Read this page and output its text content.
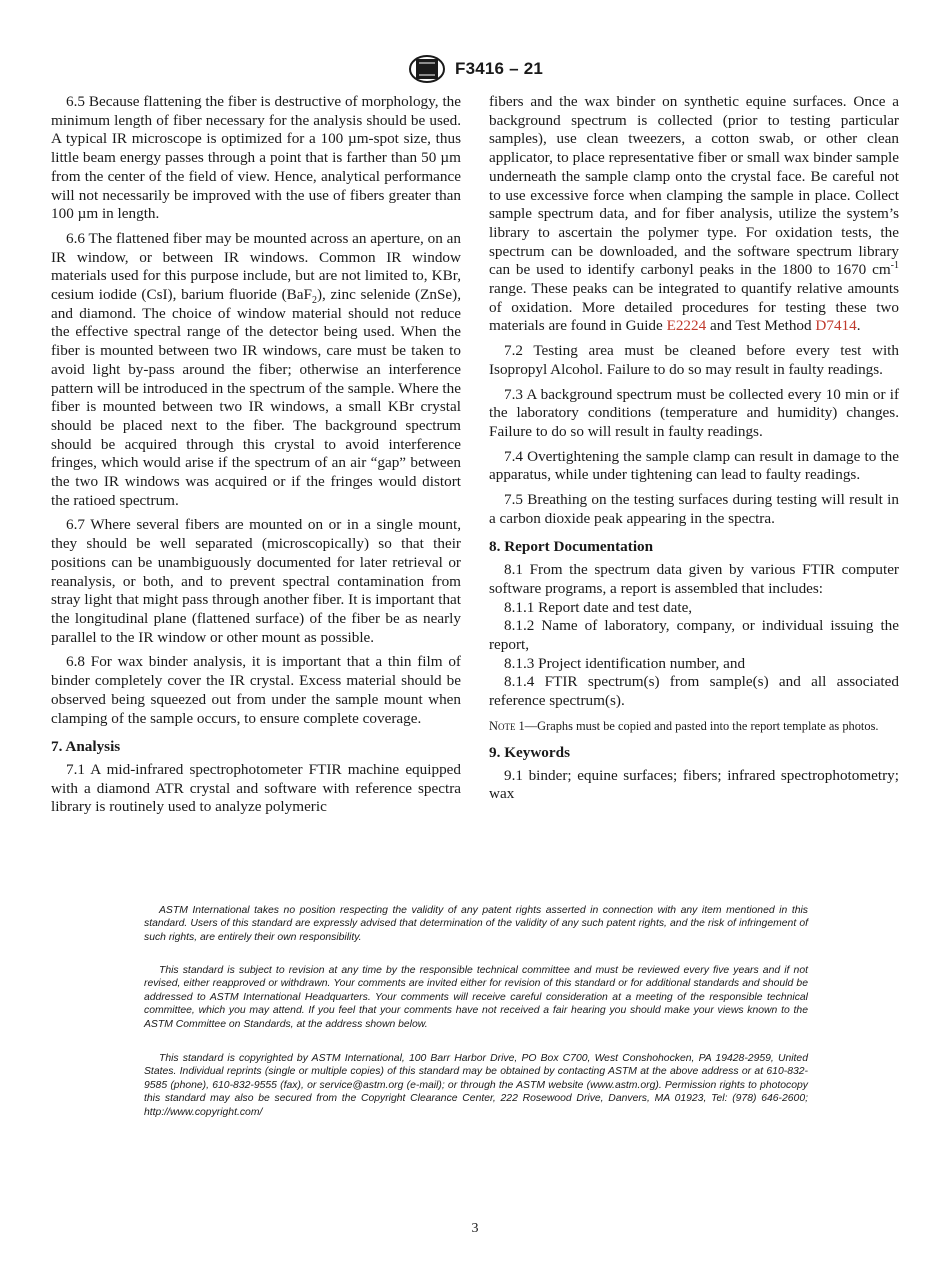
F3416 – 21

6.5 Because flattening the fiber is destructive of morphology, the minimum length of fiber necessary for the analysis should be used. A typical IR microscope is optimized for a 100 µm-spot size, thus little beam energy passes through a point that is farther than 50 µm from the center of the field of view. Hence, analytical performance will not necessarily be improved with the use of fibers greater than 100 µm in length.

6.6 The flattened fiber may be mounted across an aperture, on an IR window, or between IR windows. Common IR window materials used for this purpose include, but are not limited to, KBr, cesium iodide (CsI), barium fluoride (BaF$_2$), zinc selenide (ZnSe), and diamond. The choice of window material should not reduce the effective spectral range of the detector being used. When the fiber is mounted between two IR windows, care must be taken to avoid light by-pass around the fiber; otherwise an interference pattern will be introduced in the spectrum of the sample. Where the fiber is mounted between two IR windows, a small KBr crystal should be placed next to the fiber. The background spectrum should be acquired through this crystal to avoid interference fringes, which would arise if the spectrum of an air “gap” between the two IR windows was acquired or if the fringes would distort the ratioed spectrum.

6.7 Where several fibers are mounted on or in a single mount, they should be well separated (microscopically) so that their positions can be unambiguously documented for later retrieval or reanalysis, or both, and to prevent spectral contamination from stray light that might pass through another fiber. It is important that the longitudinal plane (flattened surface) of the fiber be as nearly parallel to the IR window or other mount as possible.

6.8 For wax binder analysis, it is important that a thin film of binder completely cover the IR crystal. Excess material should be observed being squeezed out from under the sample mount when clamping of the sample occurs, to ensure complete coverage.

7. Analysis

7.1 A mid-infrared spectrophotometer FTIR machine equipped with a diamond ATR crystal and software with reference spectra library is routinely used to analyze polymeric

fibers and the wax binder on synthetic equine surfaces. Once a background spectrum is collected (prior to testing particular samples), use clean tweezers, a cotton swab, or other clean applicator, to place representative fiber or small wax binder sample underneath the sample clamp onto the crystal face. Be careful not to use excessive force when clamping the sample in place. Collect sample spectrum data, and for fiber analysis, utilize the system’s library to ascertain the polymer type. For oxidation tests, the spectrum can be downloaded, and the software spectrum library can be used to identify carbonyl peaks in the 1800 to 1670 $cm^{-1}$ range. These peaks can be integrated to quantify relative amounts of oxidation. More detailed procedures for testing these two materials are found in Guide E2224 and Test Method D7414.

7.2 Testing area must be cleaned before every test with Isopropyl Alcohol. Failure to do so may result in faulty readings.

7.3 A background spectrum must be collected every 10 min or if the laboratory conditions (temperature and humidity) changes. Failure to do so will result in faulty readings.

7.4 Overtightening the sample clamp can result in damage to the apparatus, while under tightening can lead to faulty readings.

7.5 Breathing on the testing surfaces during testing will result in a carbon dioxide peak appearing in the spectra.

8. Report Documentation

8.1 From the spectrum data given by various FTIR computer software programs, a report is assembled that includes:

8.1.1 Report date and test date,

8.1.2 Name of laboratory, company, or individual issuing the report,

8.1.3 Project identification number, and

8.1.4 FTIR spectrum(s) from sample(s) and all associated reference spectrum(s).

Note 1—Graphs must be copied and pasted into the report template as photos.

9. Keywords

9.1 binder; equine surfaces; fibers; infrared spectrophotometry; wax

ASTM International takes no position respecting the validity of any patent rights asserted in connection with any item mentioned in this standard. Users of this standard are expressly advised that determination of the validity of any such patent rights, and the risk of infringement of such rights, are entirely their own responsibility.

This standard is subject to revision at any time by the responsible technical committee and must be reviewed every five years and if not revised, either reapproved or withdrawn. Your comments are invited either for revision of this standard or for additional standards and should be addressed to ASTM International Headquarters. Your comments will receive careful consideration at a meeting of the responsible technical committee, which you may attend. If you feel that your comments have not received a fair hearing you should make your views known to the ASTM Committee on Standards, at the address shown below.

This standard is copyrighted by ASTM International, 100 Barr Harbor Drive, PO Box C700, West Conshohocken, PA 19428-2959, United States. Individual reprints (single or multiple copies) of this standard may be obtained by contacting ASTM at the above address or at 610-832-9585 (phone), 610-832-9555 (fax), or service@astm.org (e-mail); or through the ASTM website (www.astm.org). Permission rights to photocopy this standard may also be secured from the Copyright Clearance Center, 222 Rosewood Drive, Danvers, MA 01923, Tel: (978) 646-2600; http://www.copyright.com/

3
